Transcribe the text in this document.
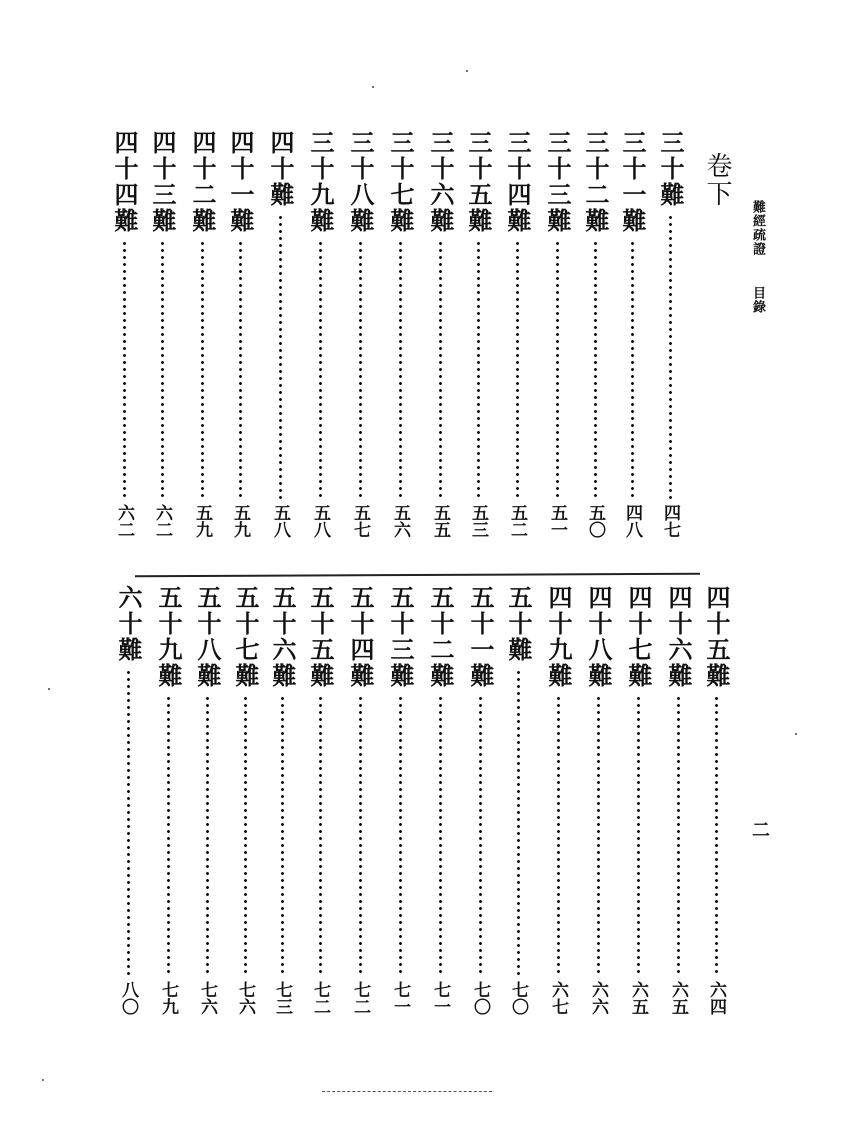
難經疏證目錄
卷下
二
三十難
四七
三十一難
四八
三十二難
五〇
三十三難
五一
三十四難
五二
三十五難
五三
三十六難
五五
三十七難
五六
三十八難
五七
三十九難
五八
四十難
五八
四十一難
五九
四十二難
五九
四十三難
六二
四十四難
六二
四十五難
六四
四十六難
六五
四十七難
六五
四十八難
六六
四十九難
六七
五十難
七〇
五十一難
七〇
五十二難
七一
五十三難
七一
五十四難
七二
五十五難
七二
五十六難
七三
五十七難
七六
五十八難
七六
五十九難
七九
六十難
八〇
